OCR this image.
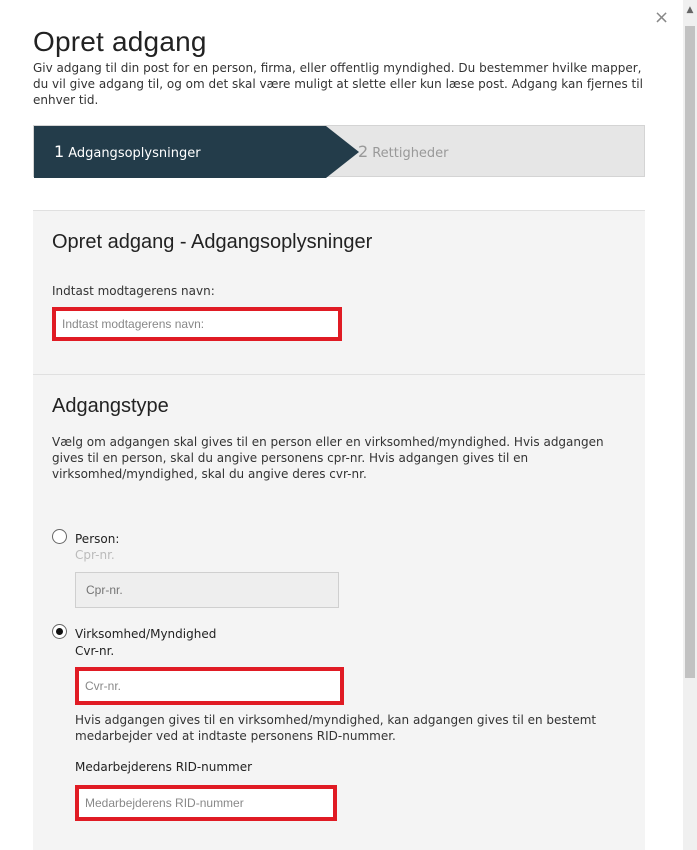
×	▲
Opret adgang

Giv adgang til din post for en person, firma, eller offentlig myndighed. Du bestemmer hvilke mapper, du vil give adgang til, og om det skal være muligt at slette eller kun læse post. Adgang kan fjernes til enhver tid.

1 Adgangsoplysninger	2 Rettigheder
Opret adgang - Adgangsoplysninger
Indtast modtagerens navn:
Indtast modtagerens navn:
Adgangstype

Vælg om adgangen skal gives til en person eller en virksomhed/myndighed. Hvis adgangen gives til en person, skal du angive personens cpr-nr. Hvis adgangen gives til en virksomhed/myndighed, skal du angive deres cvr-nr.

Person:
Cpr-nr.
Cpr-nr.
Virksomhed/Myndighed
Cvr-nr.
Cvr-nr.

Hvis adgangen gives til en virksomhed/myndighed, kan adgangen gives til en bestemt medarbejder ved at indtaste personens RID-nummer.

Medarbejderens RID-nummer
Medarbejderens RID-nummer
